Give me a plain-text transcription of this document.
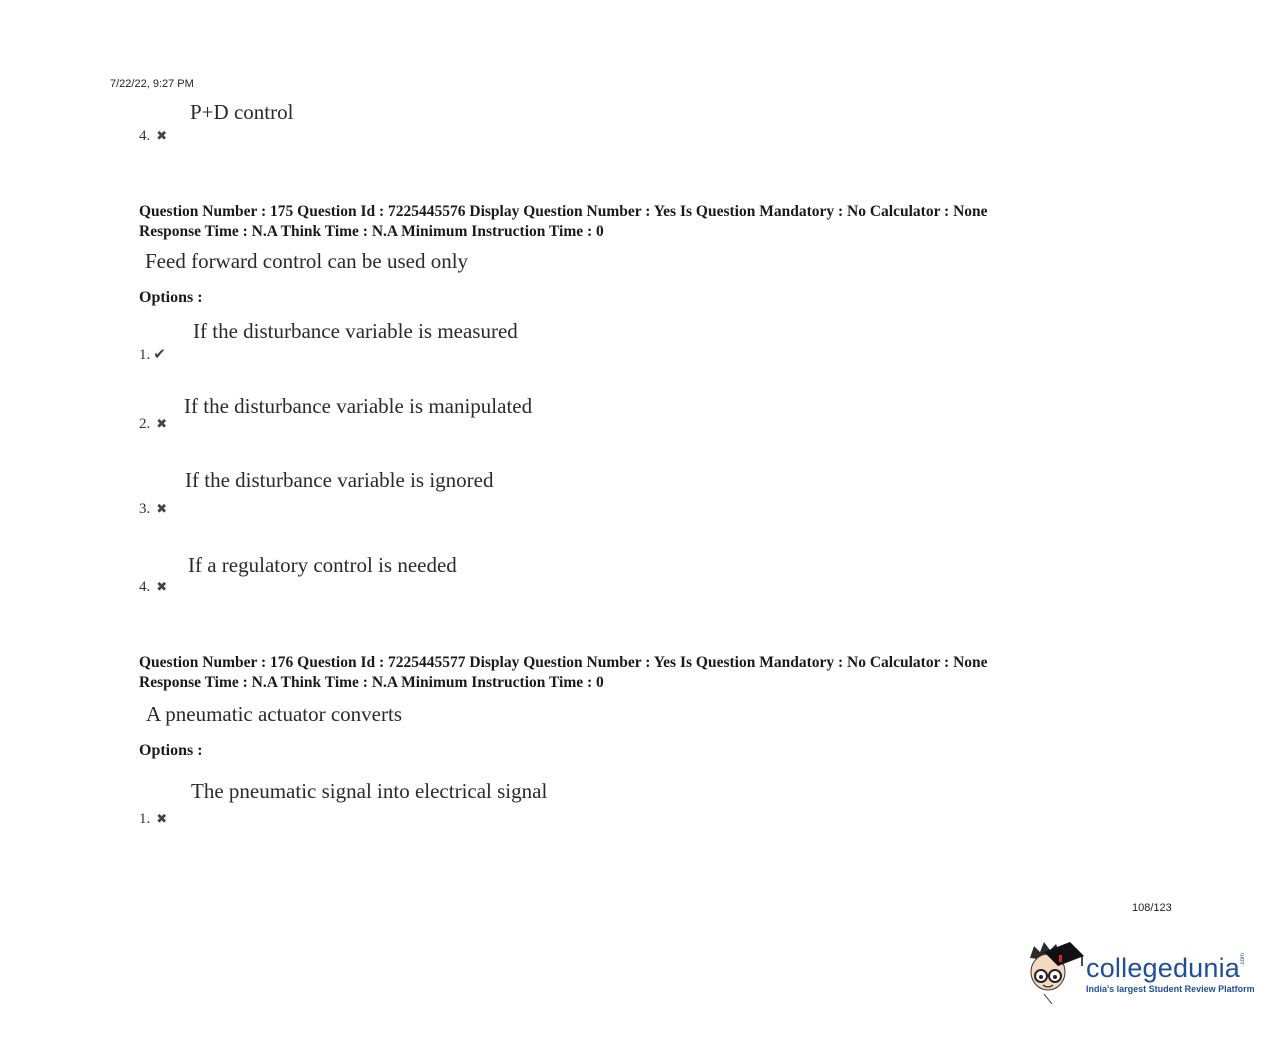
7/22/22, 9:27 PM
P+D control
4. ✖
Question Number : 175 Question Id : 7225445576 Display Question Number : Yes Is Question Mandatory : No Calculator : None
Response Time : N.A Think Time : N.A Minimum Instruction Time : 0
Feed forward control can be used only
Options :
If the disturbance variable is measured
1. ✔
If the disturbance variable is manipulated
2. ✖
If the disturbance variable is ignored
3. ✖
If a regulatory control is needed
4. ✖
Question Number : 176 Question Id : 7225445577 Display Question Number : Yes Is Question Mandatory : No Calculator : None
Response Time : N.A Think Time : N.A Minimum Instruction Time : 0
A pneumatic actuator converts
Options :
The pneumatic signal into electrical signal
1. ✖
108/123
collegedunia .com
India's largest Student Review Platform
